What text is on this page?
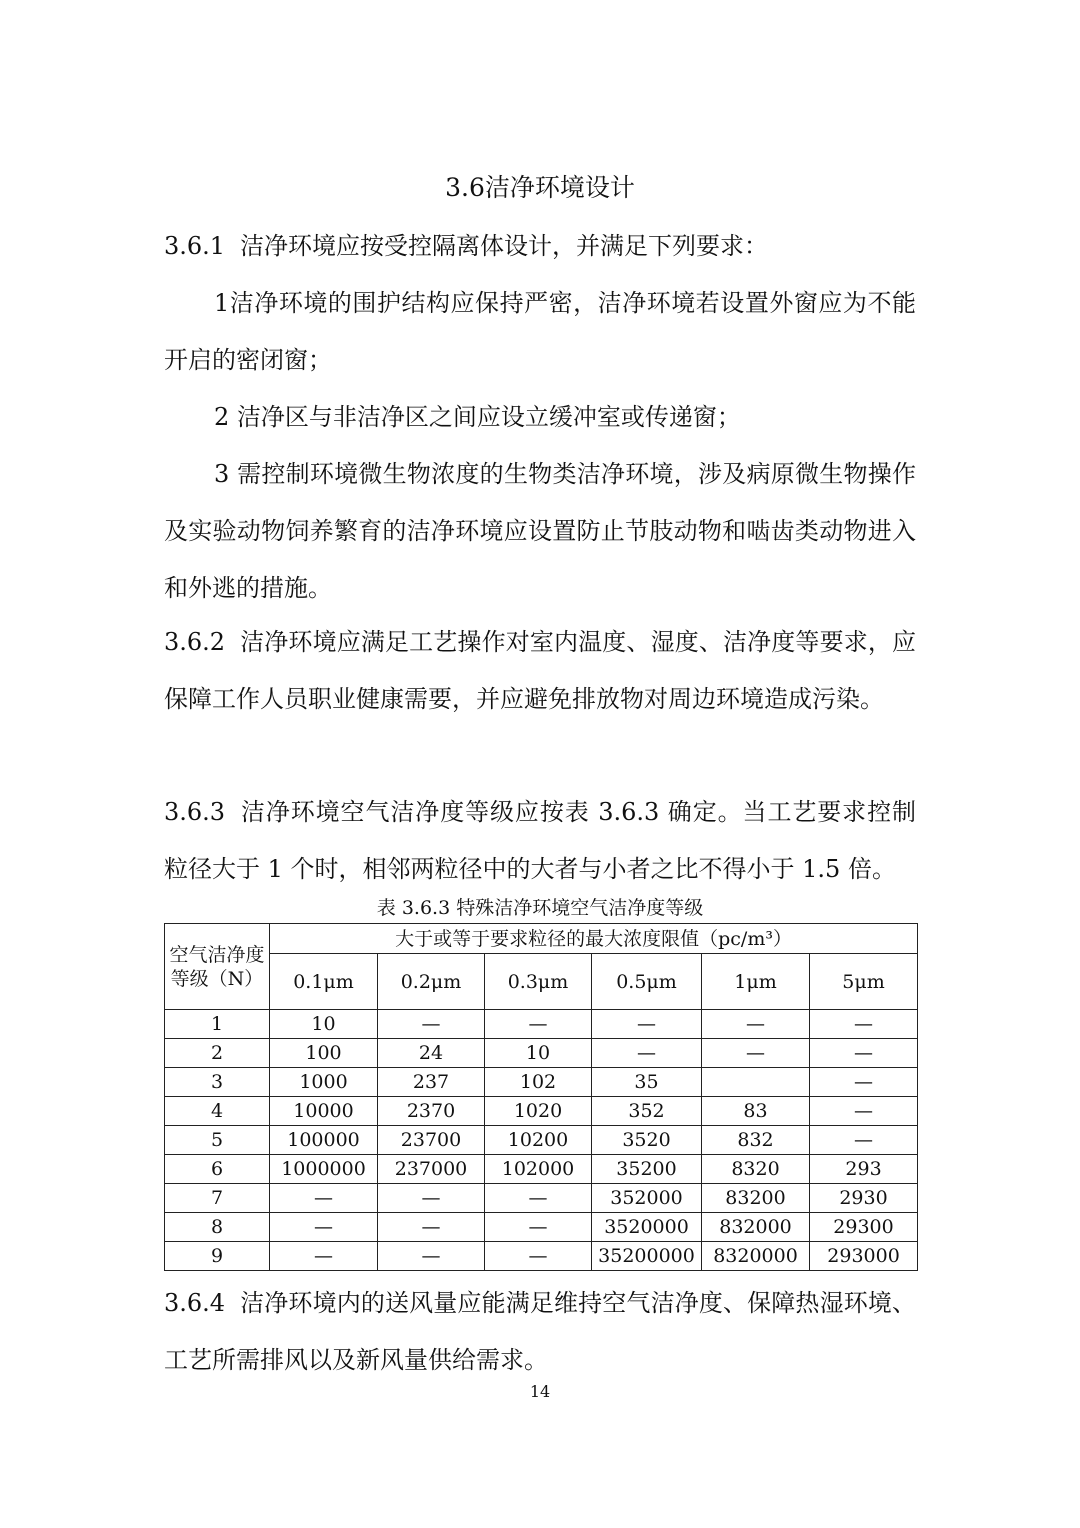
3.6洁净环境设计

3.6.1 洁净环境应按受控隔离体设计，并满足下列要求：

1洁净环境的围护结构应保持严密，洁净环境若设置外窗应为不能开启的密闭窗；

2 洁净区与非洁净区之间应设立缓冲室或传递窗；

3 需控制环境微生物浓度的生物类洁净环境，涉及病原微生物操作及实验动物饲养繁育的洁净环境应设置防止节肢动物和啮齿类动物进入和外逃的措施。

3.6.2 洁净环境应满足工艺操作对室内温度、湿度、洁净度等要求，应保障工作人员职业健康需要，并应避免排放物对周边环境造成污染。

3.6.3 洁净环境空气洁净度等级应按表 3.6.3 确定。当工艺要求控制粒径大于 1 个时，相邻两粒径中的大者与小者之比不得小于 1.5 倍。

表 3.6.3 特殊洁净环境空气洁净度等级
空气洁净度等级（N）	大于或等于要求粒径的最大浓度限值（pc/m³）					
	0.1μm	0.2μm	0.3μm	0.5μm	1μm	5μm
1	10	—	—	—	—	—
2	100	24	10	—	—	—
3	1000	237	102	35		—
4	10000	2370	1020	352	83	—
5	100000	23700	10200	3520	832	—
6	1000000	237000	102000	35200	8320	293
7	—	—	—	352000	83200	2930
8	—	—	—	3520000	832000	29300
9	—	—	—	35200000	8320000	293000

3.6.4 洁净环境内的送风量应能满足维持空气洁净度、保障热湿环境、工艺所需排风以及新风量供给需求。

14
